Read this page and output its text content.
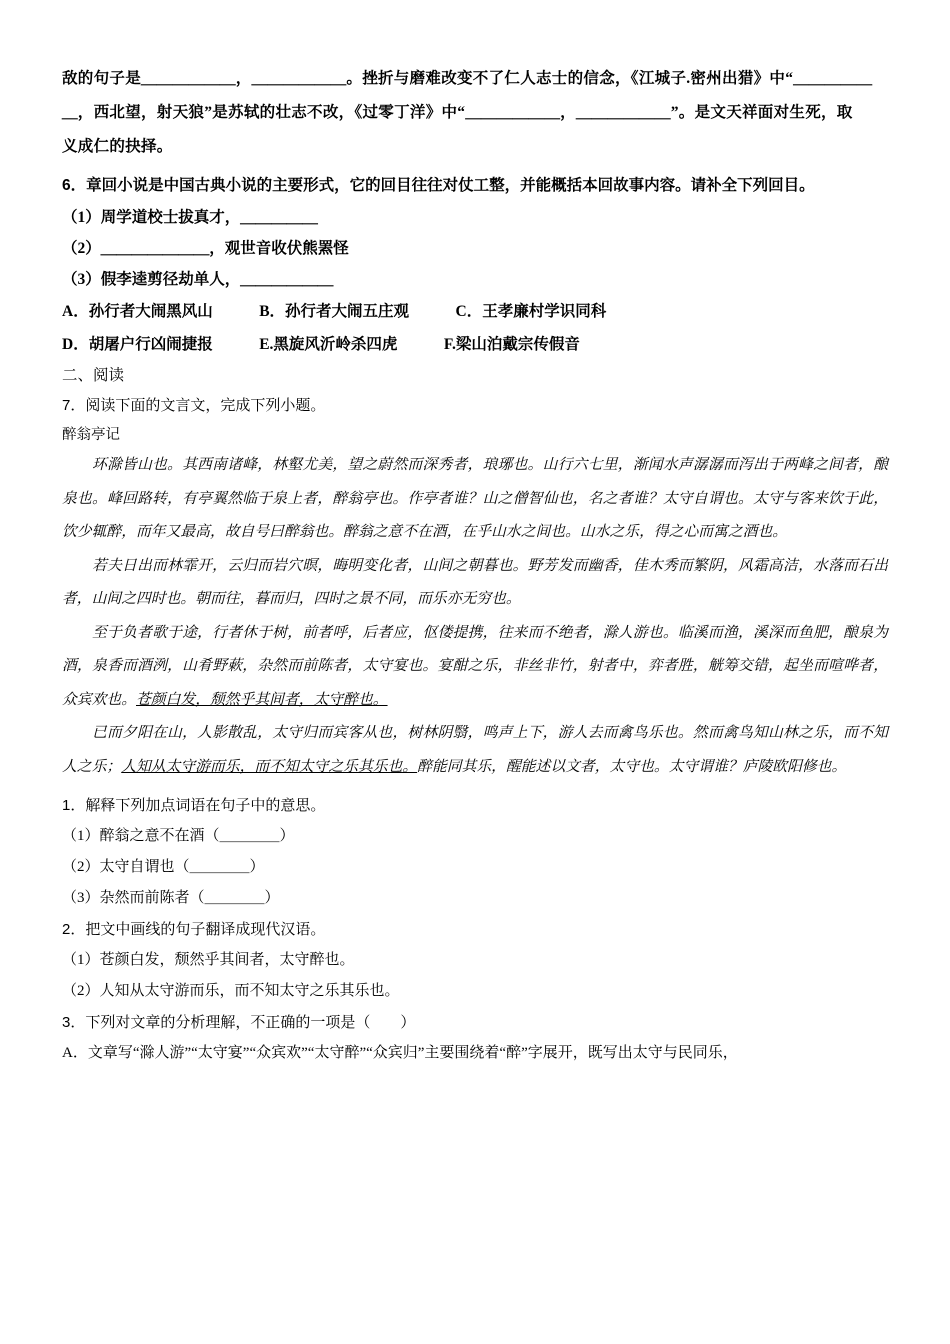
敌的句子是＿＿＿＿＿＿，＿＿＿＿＿＿。挫折与磨难改变不了仁人志士的信念，《江城子.密州出猎》中“＿＿＿＿＿

＿，西北望，射天狼”是苏轼的壮志不改，《过零丁洋》中“＿＿＿＿＿＿，＿＿＿＿＿＿”。是文天祥面对生死，取

义成仁的抉择。

6．章回小说是中国古典小说的主要形式，它的回目往往对仗工整，并能概括本回故事内容。请补全下列回目。

（1）周学道校士拔真才，＿＿＿＿＿

（2）＿＿＿＿＿＿＿，观世音收伏熊罴怪

（3）假李逵剪径劫单人，＿＿＿＿＿＿

A．孙行者大闹黑风山　　　B．孙行者大闹五庄观　　　C．王孝廉村学识同科

D．胡屠户行凶闹捷报　　　E.黑旋风沂岭杀四虎　　　F.梁山泊戴宗传假音

二、阅读

7．阅读下面的文言文，完成下列小题。

醉翁亭记

环滁皆山也。其西南诸峰，林壑尤美，望之蔚然而深秀者，琅琊也。山行六七里，渐闻水声潺潺而泻出于两峰之间者，酿泉也。峰回路转，有亭翼然临于泉上者，醉翁亭也。作亭者谁？山之僧智仙也，名之者谁？太守自谓也。太守与客来饮于此，饮少辄醉，而年又最高，故自号曰醉翁也。醉翁之意不在酒，在乎山水之间也。山水之乐，得之心而寓之酒也。

若夫日出而林霏开，云归而岩穴暝，晦明变化者，山间之朝暮也。野芳发而幽香，佳木秀而繁阴，风霜高洁，水落而石出者，山间之四时也。朝而往，暮而归，四时之景不同，而乐亦无穷也。

至于负者歌于途，行者休于树，前者呼，后者应，伛偻提携，往来而不绝者，滁人游也。临溪而渔，溪深而鱼肥，酿泉为酒，泉香而酒洌，山肴野蔌，杂然而前陈者，太守宴也。宴酣之乐，非丝非竹，射者中，弈者胜，觥筹交错，起坐而喧哗者，众宾欢也。苍颜白发，颓然乎其间者，太守醉也。

已而夕阳在山，人影散乱，太守归而宾客从也，树林阴翳，鸣声上下，游人去而禽鸟乐也。然而禽鸟知山林之乐，而不知人之乐；人知从太守游而乐，而不知太守之乐其乐也。醉能同其乐，醒能述以文者，太守也。太守谓谁？庐陵欧阳修也。

1．解释下列加点词语在句子中的意思。

（1）醉翁之意不在酒（＿＿＿＿）

（2）太守自谓也（＿＿＿＿）

（3）杂然而前陈者（＿＿＿＿）

2．把文中画线的句子翻译成现代汉语。

（1）苍颜白发，颓然乎其间者，太守醉也。

（2）人知从太守游而乐，而不知太守之乐其乐也。

3．下列对文章的分析理解，不正确的一项是（　　）

A．文章写“滁人游”“太守宴”“众宾欢”“太守醉”“众宾归”主要围绕着“醉”字展开，既写出太守与民同乐，
